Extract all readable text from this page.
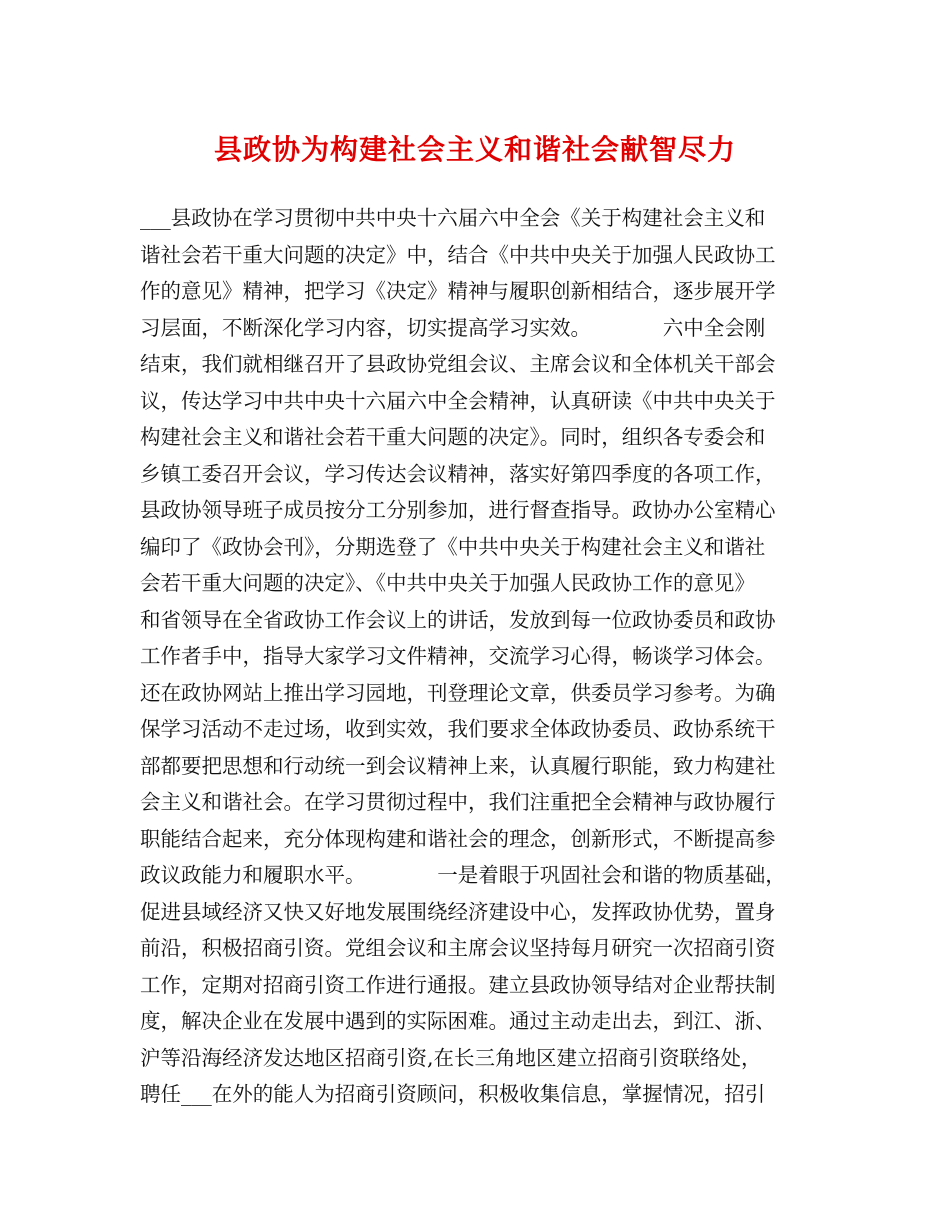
县政协为构建社会主义和谐社会献智尽力
___县政协在学习贯彻中共中央十六届六中全会《关于构建社会主义和
谐社会若干重大问题的决定》中，结合《中共中央关于加强人民政协工
作的意见》精神，把学习《决定》精神与履职创新相结合，逐步展开学
习层面，不断深化学习内容，切实提高学习实效。　　　　六中全会刚
结束，我们就相继召开了县政协党组会议、主席会议和全体机关干部会
议，传达学习中共中央十六届六中全会精神，认真研读《中共中央关于
构建社会主义和谐社会若干重大问题的决定》。同时，组织各专委会和
乡镇工委召开会议，学习传达会议精神，落实好第四季度的各项工作，
县政协领导班子成员按分工分别参加，进行督查指导。政协办公室精心
编印了《政协会刊》，分期选登了《中共中央关于构建社会主义和谐社
会若干重大问题的决定》、《中共中央关于加强人民政协工作的意见》
和省领导在全省政协工作会议上的讲话，发放到每一位政协委员和政协
工作者手中，指导大家学习文件精神，交流学习心得，畅谈学习体会。
还在政协网站上推出学习园地，刊登理论文章，供委员学习参考。为确
保学习活动不走过场，收到实效，我们要求全体政协委员、政协系统干
部都要把思想和行动统一到会议精神上来，认真履行职能，致力构建社
会主义和谐社会。在学习贯彻过程中，我们注重把全会精神与政协履行
职能结合起来，充分体现构建和谐社会的理念，创新形式，不断提高参
政议政能力和履职水平。　　　　一是着眼于巩固社会和谐的物质基础，
促进县域经济又快又好地发展围绕经济建设中心，发挥政协优势，置身
前沿，积极招商引资。党组会议和主席会议坚持每月研究一次招商引资
工作，定期对招商引资工作进行通报。建立县政协领导结对企业帮扶制
度，解决企业在发展中遇到的实际困难。通过主动走出去，到江、浙、
沪等沿海经济发达地区招商引资,在长三角地区建立招商引资联络处，
聘任___在外的能人为招商引资顾问，积极收集信息，掌握情况，招引
